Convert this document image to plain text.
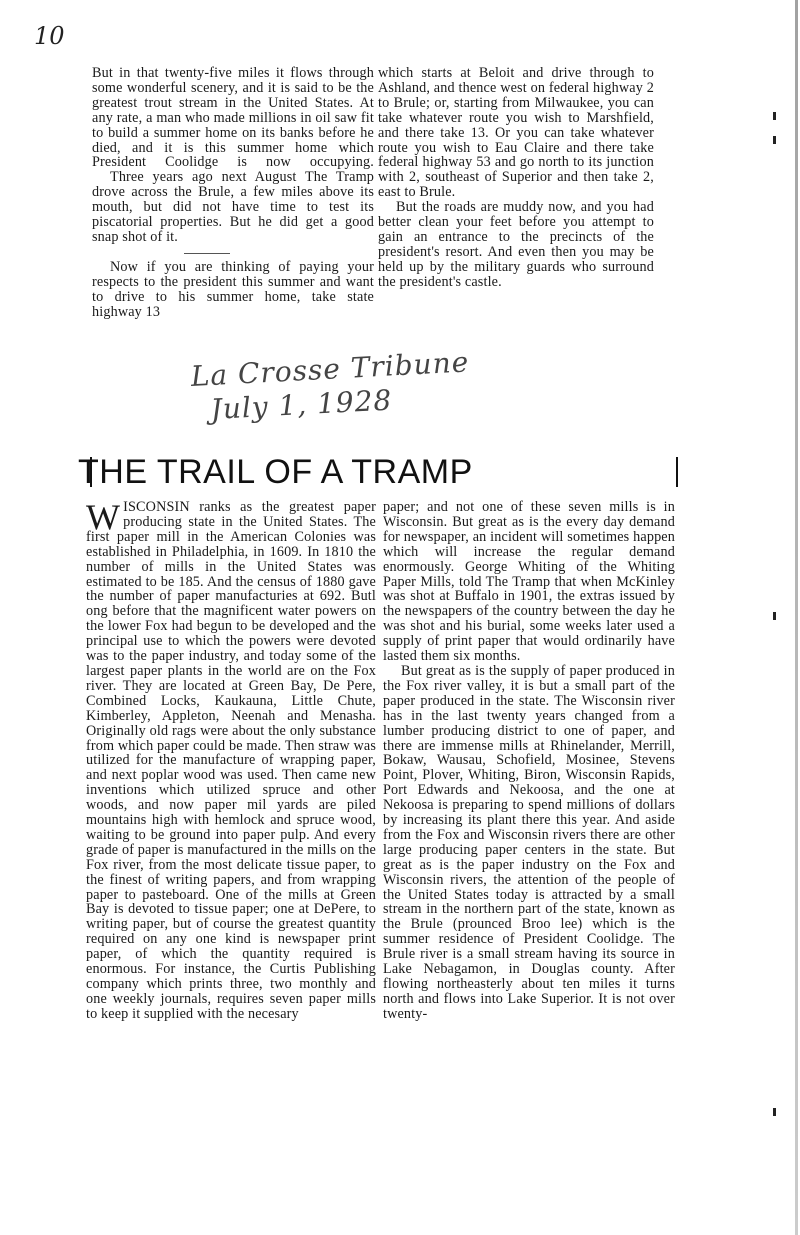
10

But in that twenty-five miles it flows through some wonderful scenery, and it is said to be the greatest trout stream in the United States. At any rate, a man who made millions in oil saw fit to build a summer home on its banks before he died, and it is this summer home which President Coolidge is now occupying.

Three years ago next August The Tramp drove across the Brule, a few miles above its mouth, but did not have time to test its piscatorial properties. But he did get a good snap shot of it.

Now if you are thinking of paying your respects to the president this summer and want to drive to his summer home, take state highway 13

which starts at Beloit and drive through to Ashland, and thence west on federal highway 2 to Brule; or, starting from Milwaukee, you can take whatever route you wish to Marshfield, and there take 13. Or you can take whatever route you wish to Eau Claire and there take federal highway 53 and go north to its junction with 2, southeast of Superior and then take 2, east to Brule.

But the roads are muddy now, and you had better clean your feet before you attempt to gain an entrance to the precincts of the president's resort. And even then you may be held up by the military guards who surround the president's castle.

La Crosse Tribune
July 1, 1928
THE TRAIL OF A TRAMP

WISCONSIN ranks as the greatest paper producing state in the United States. The first paper mill in the American Colonies was established in Philadelphia, in 1609. In 1810 the number of mills in the United States was estimated to be 185. And the census of 1880 gave the number of paper manufacturies at 692. Butl ong before that the magnificent water powers on the lower Fox had begun to be developed and the principal use to which the powers were devoted was to the paper industry, and today some of the largest paper plants in the world are on the Fox river. They are located at Green Bay, De Pere, Combined Locks, Kaukauna, Little Chute, Kimberley, Appleton, Neenah and Menasha. Originally old rags were about the only substance from which paper could be made. Then straw was utilized for the manufacture of wrapping paper, and next poplar wood was used. Then came new inventions which utilized spruce and other woods, and now paper mil yards are piled mountains high with hemlock and spruce wood, waiting to be ground into paper pulp. And every grade of paper is manufactured in the mills on the Fox river, from the most delicate tissue paper, to the finest of writing papers, and from wrapping paper to pasteboard. One of the mills at Green Bay is devoted to tissue paper; one at DePere, to writing paper, but of course the greatest quantity required on any one kind is newspaper print paper, of which the quantity required is enormous. For instance, the Curtis Publishing company which prints three, two monthly and one weekly journals, requires seven paper mills to keep it supplied with the necesary

paper; and not one of these seven mills is in Wisconsin. But great as is the every day demand for newspaper, an incident will sometimes happen which will increase the regular demand enormously. George Whiting of the Whiting Paper Mills, told The Tramp that when McKinley was shot at Buffalo in 1901, the extras issued by the newspapers of the country between the day he was shot and his burial, some weeks later used a supply of print paper that would ordinarily have lasted them six months.

But great as is the supply of paper produced in the Fox river valley, it is but a small part of the paper produced in the state. The Wisconsin river has in the last twenty years changed from a lumber producing district to one of paper, and there are immense mills at Rhinelander, Merrill, Bokaw, Wausau, Schofield, Mosinee, Stevens Point, Plover, Whiting, Biron, Wisconsin Rapids, Port Edwards and Nekoosa, and the one at Nekoosa is preparing to spend millions of dollars by increasing its plant there this year. And aside from the Fox and Wisconsin rivers there are other large producing paper centers in the state. But great as is the paper industry on the Fox and Wisconsin rivers, the attention of the people of the United States today is attracted by a small stream in the northern part of the state, known as the Brule (prounced Broo lee) which is the summer residence of President Coolidge. The Brule river is a small stream having its source in Lake Nebagamon, in Douglas county. After flowing northeasterly about ten miles it turns north and flows into Lake Superior. It is not over twenty-
